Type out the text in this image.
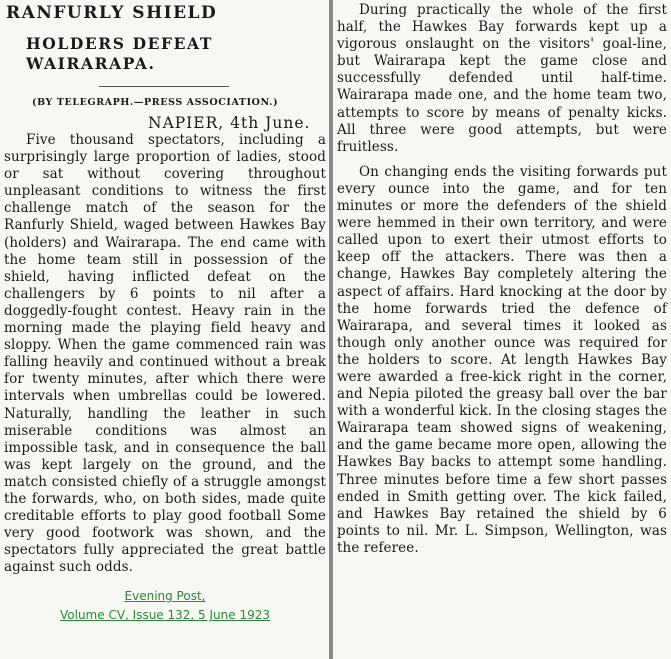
RANFURLY SHIELD
HOLDERS DEFEAT WAIRARAPA.
(BY TELEGRAPH.—PRESS ASSOCIATION.)
NAPIER, 4th June.

Five thousand spectators, including a surprisingly large proportion of ladies, stood or sat without covering throughout unpleasant conditions to witness the first challenge match of the season for the Ranfurly Shield, waged between Hawkes Bay (holders) and Wairarapa. The end came with the home team still in possession of the shield, having inflicted defeat on the challengers by 6 points to nil after a doggedly-fought contest. Heavy rain in the morning made the playing field heavy and sloppy. When the game commenced rain was falling heavily and continued without a break for twenty minutes, after which there were intervals when umbrellas could be lowered. Naturally, handling the leather in such miserable conditions was almost an impossible task, and in consequence the ball was kept largely on the ground, and the match consisted chiefly of a struggle amongst the forwards, who, on both sides, made quite creditable efforts to play good football Some very good footwork was shown, and the spectators fully appreciated the great battle against such odds.

Evening Post,
Volume CV, Issue 132, 5 June 1923

During practically the whole of the first half, the Hawkes Bay forwards kept up a vigorous onslaught on the visitors' goal-line, but Wairarapa kept the game close and successfully defended until half-time. Wairarapa made one, and the home team two, attempts to score by means of penalty kicks. All three were good attempts, but were fruitless.

On changing ends the visiting forwards put every ounce into the game, and for ten minutes or more the defenders of the shield were hemmed in their own territory, and were called upon to exert their utmost efforts to keep off the attackers. There was then a change, Hawkes Bay completely altering the aspect of affairs. Hard knocking at the door by the home forwards tried the defence of Wairarapa, and several times it looked as though only another ounce was required for the holders to score. At length Hawkes Bay were awarded a free-kick right in the corner, and Nepia piloted the greasy ball over the bar with a wonderful kick. In the closing stages the Wairarapa team showed signs of weakening, and the game became more open, allowing the Hawkes Bay backs to attempt some handling. Three minutes before time a few short passes ended in Smith getting over. The kick failed, and Hawkes Bay retained the shield by 6 points to nil. Mr. L. Simpson, Wellington, was the referee.
